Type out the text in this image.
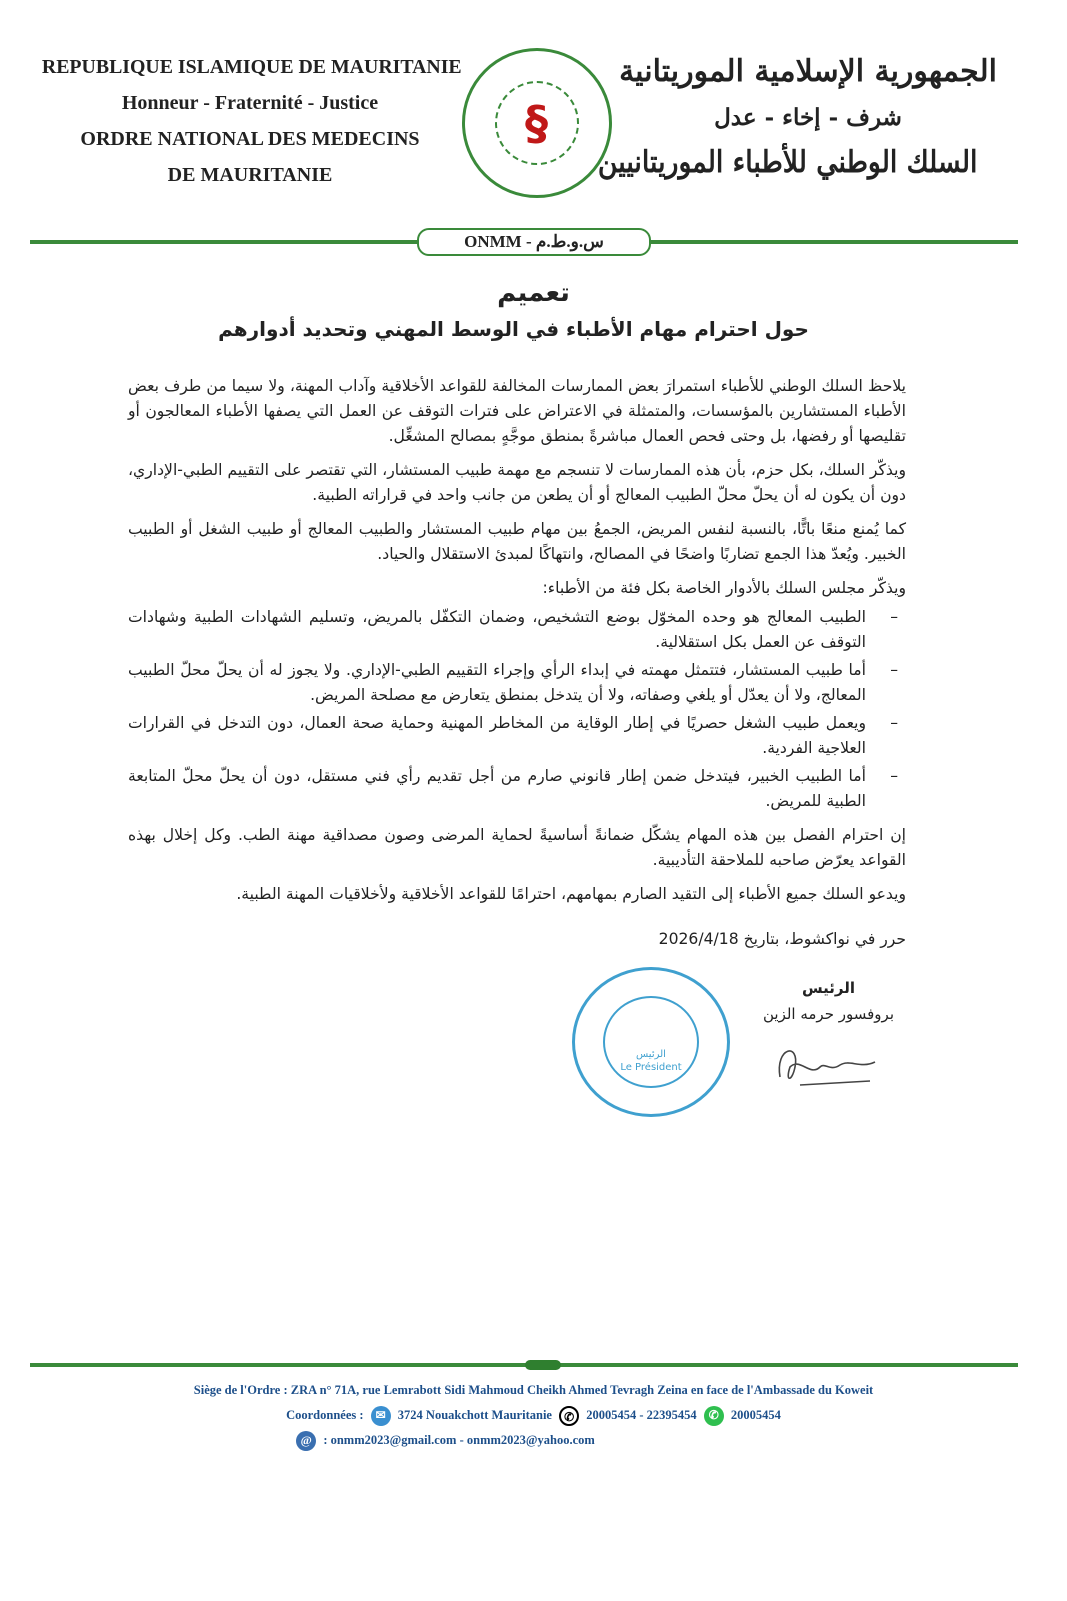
REPUBLIQUE ISLAMIQUE DE MAURITANIE
Honneur - Fraternité - Justice
ORDRE NATIONAL DES MEDECINS
DE MAURITANIE
§
الجمهورية الإسلامية الموريتانية
شرف - إخاء - عدل
السلك الوطني للأطباء الموريتانيين
ONMM - س.و.ط.م
تعميم
حول احترام مهام الأطباء في الوسط المهني وتحديد أدوارهم

يلاحظ السلك الوطني للأطباء استمرارَ بعض الممارسات المخالفة للقواعد الأخلاقية وآداب المهنة، ولا سيما من طرف بعض الأطباء المستشارين بالمؤسسات، والمتمثلة في الاعتراض على فترات التوقف عن العمل التي يصفها الأطباء المعالجون أو تقليصها أو رفضها، بل وحتى فحص العمال مباشرةً بمنطق موجَّهٍ بمصالح المشغِّل.

ويذكّر السلك، بكل حزم، بأن هذه الممارسات لا تنسجم مع مهمة طبيب المستشار، التي تقتصر على التقييم الطبي-الإداري، دون أن يكون له أن يحلّ محلّ الطبيب المعالج أو أن يطعن من جانب واحد في قراراته الطبية.

كما يُمنع منعًا باتًّا، بالنسبة لنفس المريض، الجمعُ بين مهام طبيب المستشار والطبيب المعالج أو طبيب الشغل أو الطبيب الخبير. ويُعدّ هذا الجمع تضاربًا واضحًا في المصالح، وانتهاكًا لمبدئ الاستقلال والحياد.

ويذكّر مجلس السلك بالأدوار الخاصة بكل فئة من الأطباء:

– الطبيب المعالج هو وحده المخوّل بوضع التشخيص، وضمان التكفّل بالمريض، وتسليم الشهادات الطبية وشهادات التوقف عن العمل بكل استقلالية.
– أما طبيب المستشار، فتتمثل مهمته في إبداء الرأي وإجراء التقييم الطبي-الإداري. ولا يجوز له أن يحلّ محلّ الطبيب المعالج، ولا أن يعدّل أو يلغي وصفاته، ولا أن يتدخل بمنطق يتعارض مع مصلحة المريض.
– ويعمل طبيب الشغل حصريًا في إطار الوقاية من المخاطر المهنية وحماية صحة العمال، دون التدخل في القرارات العلاجية الفردية.
– أما الطبيب الخبير، فيتدخل ضمن إطار قانوني صارم من أجل تقديم رأي فني مستقل، دون أن يحلّ محلّ المتابعة الطبية للمريض.

إن احترام الفصل بين هذه المهام يشكّل ضمانةً أساسيةً لحماية المرضى وصون مصداقية مهنة الطب. وكل إخلال بهذه القواعد يعرّض صاحبه للملاحقة التأديبية.

ويدعو السلك جميع الأطباء إلى التقيد الصارم بمهامهم، احترامًا للقواعد الأخلاقية ولأخلاقيات المهنة الطبية.

حرر في نواكشوط، بتاريخ 2026/4/18
الرئيس
بروفسور حرمه الزين
الرئيس
Le Président
Siège de l'Ordre : ZRA n° 71A, rue Lemrabott Sidi Mahmoud Cheikh Ahmed Tevragh Zeina en face de l'Ambassade du Koweit
Coordonnées : ✉ 3724 Nouakchott Mauritanie ✆ 20005454 - 22395454 ✆ 20005454
@ : onmm2023@gmail.com - onmm2023@yahoo.com
